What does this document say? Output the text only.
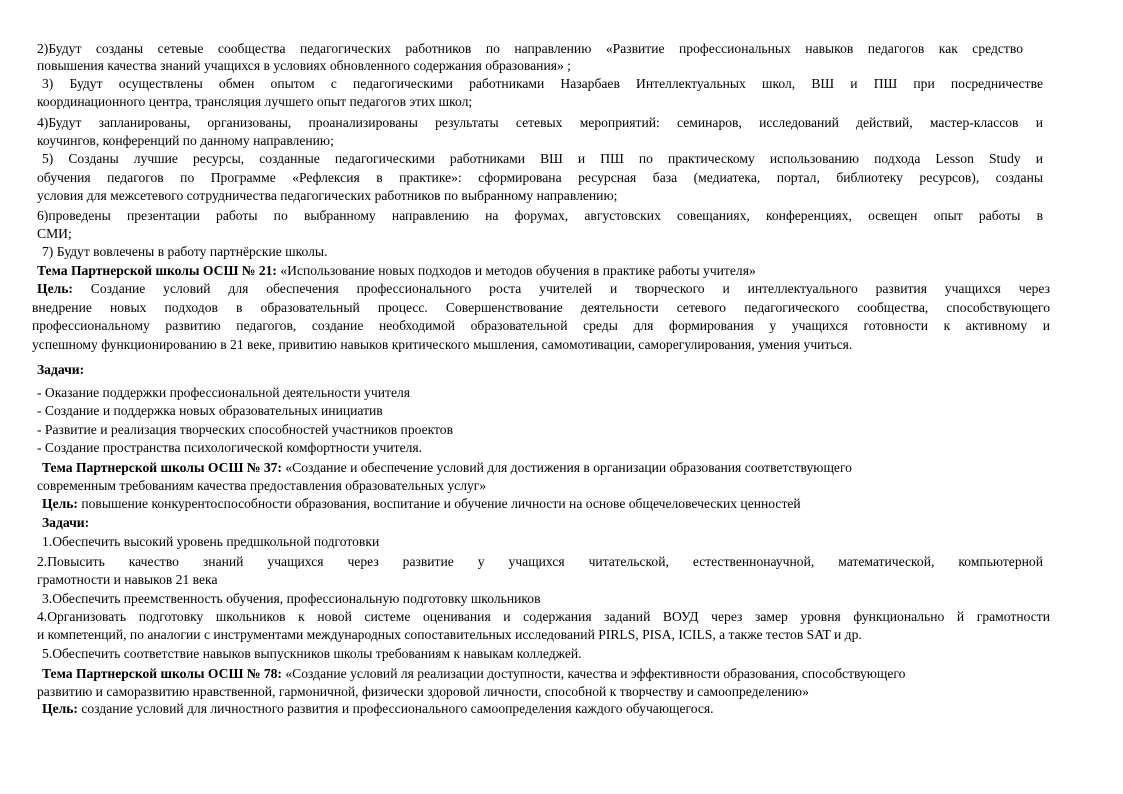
2)Будут созданы сетевые сообщества педагогических работников по направлению «Развитие профессиональных навыков педагогов как средство
повышения качества знаний учащихся в условиях обновленного содержания образования» ;
3) Будут осуществлены обмен опытом с педагогическими работниками Назарбаев Интеллектуальных школ, ВШ и ПШ при посредничестве
координационного центра, трансляция лучшего опыт педагогов этих школ;
4)Будут запланированы, организованы, проанализированы результаты сетевых мероприятий: семинаров, исследований действий, мастер-классов и
коучингов, конференций по данному направлению;
5) Созданы лучшие ресурсы, созданные педагогическими работниками ВШ и ПШ по практическому использованию подхода Lesson Study и
обучения педагогов по Программе «Рефлексия в практике»: сформирована ресурсная база (медиатека, портал, библиотеку ресурсов), созданы
условия для межсетевого сотрудничества педагогических работников по выбранному направлению;
6)проведены презентации работы по выбранному направлению на форумах, августовских совещаниях, конференциях, освещен опыт работы в
СМИ;
7) Будут вовлечены в работу партнёрские школы.
Тема Партнерской школы ОСШ № 21: «Использование новых подходов и методов обучения в практике работы учителя»
Цель: Создание условий для обеспечения профессионального роста учителей и творческого и интеллектуального развития учащихся через
внедрение новых подходов в образовательный процесс. Совершенствование деятельности сетевого педагогического сообщества, способствующего
профессиональному развитию педагогов, создание необходимой образовательной среды для формирования у учащихся готовности к активному и
успешному функционированию в 21 веке, привитию навыков критического мышления, самомотивации, саморегулирования, умения учиться.
Задачи:
- Оказание поддержки профессиональной деятельности учителя
- Создание и поддержка новых образовательных инициатив
- Развитие и реализация творческих способностей участников проектов
- Создание пространства психологической комфортности учителя.
Тема Партнерской школы ОСШ № 37: «Создание и обеспечение условий для достижения в организации образования соответствующего
современным требованиям качества предоставления образовательных услуг»
Цель: повышение конкурентоспособности образования, воспитание и обучение личности на основе общечеловеческих ценностей
Задачи:
1.Обеспечить высокий уровень предшкольной подготовки
2.Повысить качество знаний учащихся через развитие у учащихся читательской, естественнонаучной, математической, компьютерной
грамотности и навыков 21 века
3.Обеспечить преемственность обучения, профессиональную подготовку школьников
4.Организовать подготовку школьников к новой системе оценивания и содержания заданий ВОУД через замер уровня функционально й грамотности
и компетенций, по аналогии с инструментами международных сопоставительных исследований PIRLS, PISA, ICILS, а также тестов SAT и др.
5.Обеспечить соответствие навыков выпускников школы требованиям к навыкам колледжей.
Тема Партнерской школы ОСШ № 78: «Создание условий ля реализации доступности, качества и эффективности образования, способствующего
развитию и саморазвитию нравственной, гармоничной, физически здоровой личности, способной к творчеству и самоопределению»
Цель: создание условий для личностного развития и профессионального самоопределения каждого обучающегося.
